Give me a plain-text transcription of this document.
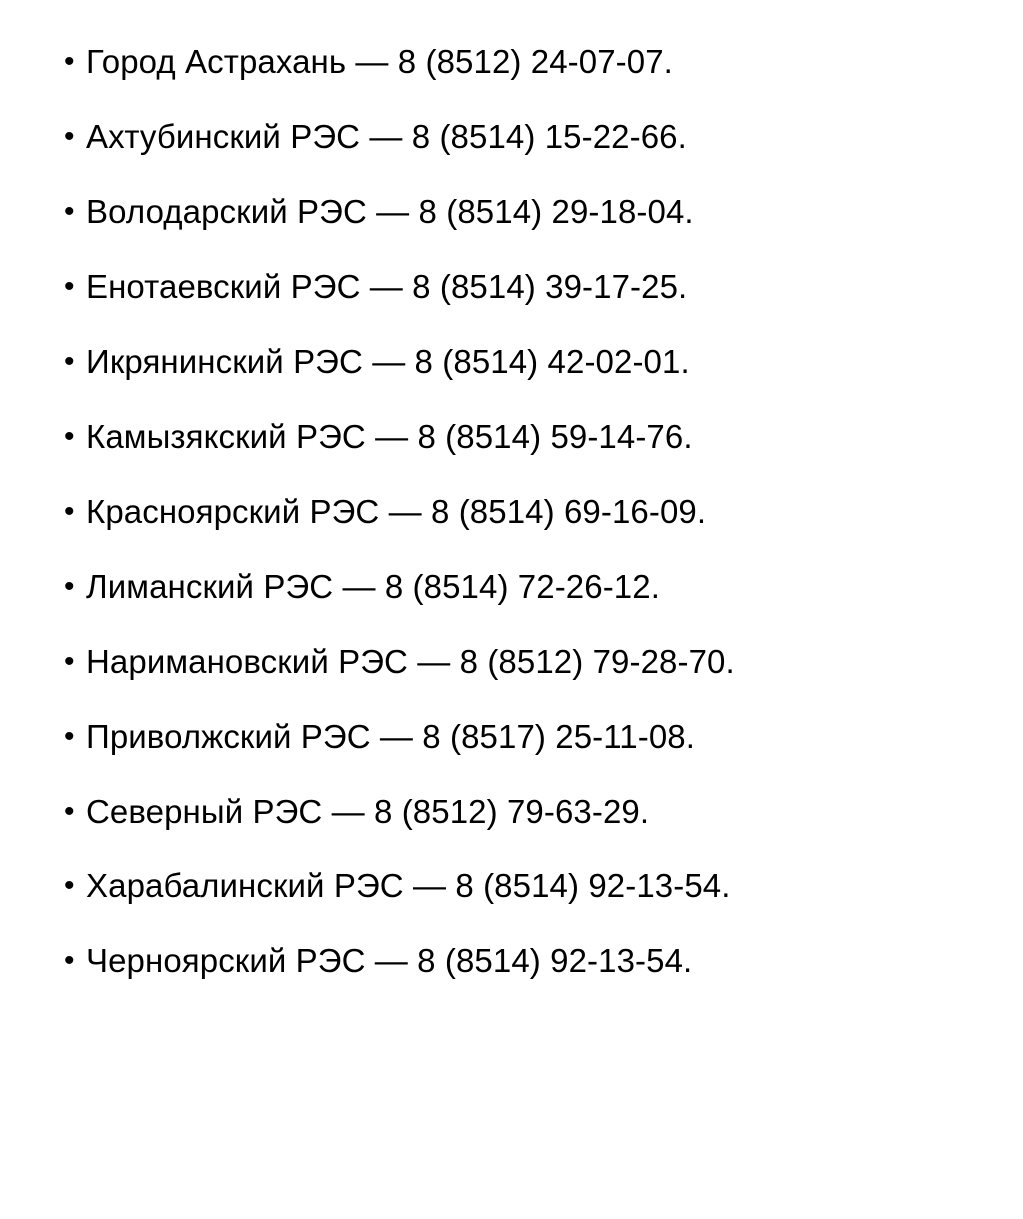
• Город Астрахань — 8 (8512) 24-07-07.
• Ахтубинский РЭС — 8 (8514) 15-22-66.
• Володарский РЭС — 8 (8514) 29-18-04.
• Енотаевский РЭС — 8 (8514) 39-17-25.
• Икрянинский РЭС — 8 (8514) 42-02-01.
• Камызякский РЭС — 8 (8514) 59-14-76.
• Красноярский РЭС — 8 (8514) 69-16-09.
• Лиманский РЭС — 8 (8514) 72-26-12.
• Наримановский РЭС — 8 (8512) 79-28-70.
• Приволжский РЭС — 8 (8517) 25-11-08.
• Северный РЭС — 8 (8512) 79-63-29.
• Харабалинский РЭС — 8 (8514) 92-13-54.
• Черноярский РЭС — 8 (8514) 92-13-54.
